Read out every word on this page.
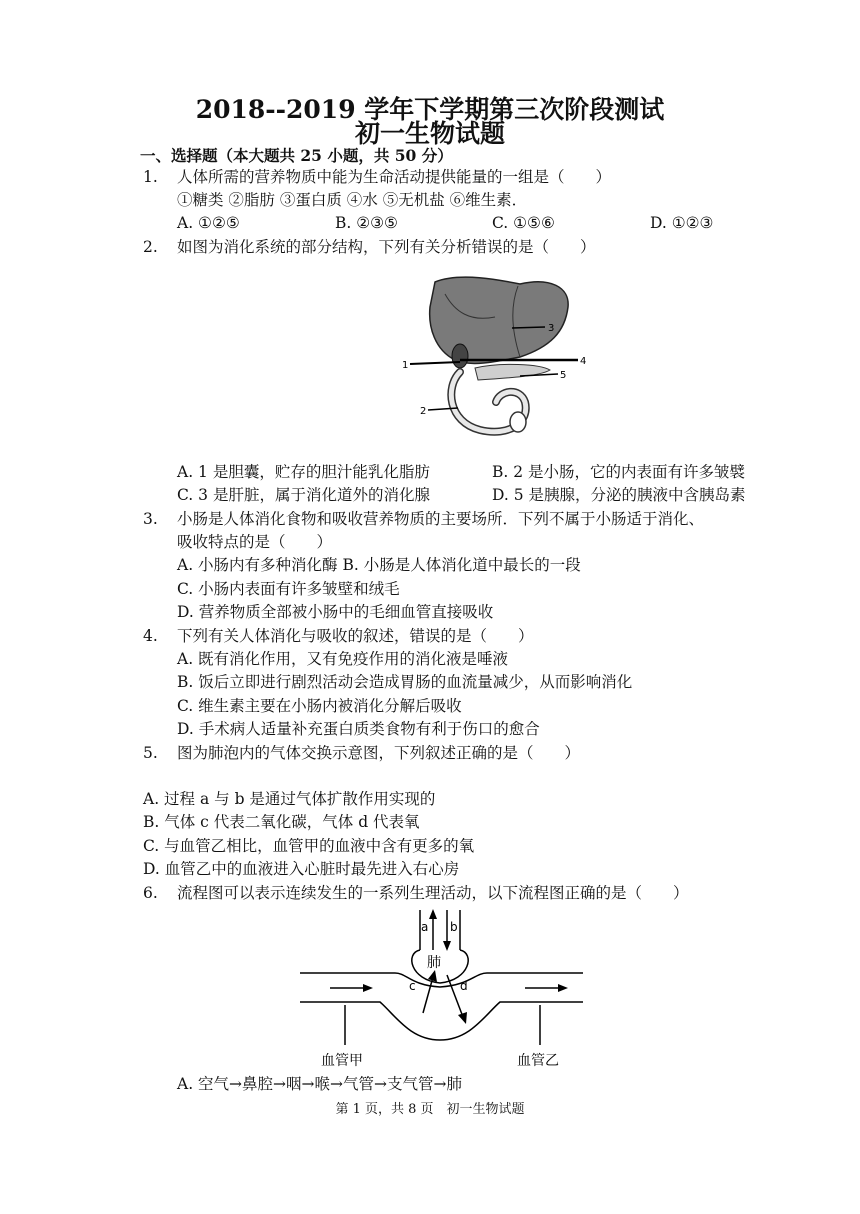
2018--2019 学年下学期第三次阶段测试
初一生物试题
一、选择题（本大题共 25 小题，共 50 分）
1.	人体所需的营养物质中能为生命活动提供能量的一组是（　　）
①糖类 ②脂肪 ③蛋白质 ④水 ⑤无机盐 ⑥维生素．
A. ①②⑤	B. ②③⑤	C. ①⑤⑥	D. ①②③
2.	如图为消化系统的部分结构，下列有关分析错误的是（　　）
1
2
3
4
5
A. 1 是胆囊，贮存的胆汁能乳化脂肪	B. 2 是小肠，它的内表面有许多皱襞
C. 3 是肝脏，属于消化道外的消化腺	D. 5 是胰腺，分泌的胰液中含胰岛素
3.	小肠是人体消化食物和吸收营养物质的主要场所．下列不属于小肠适于消化、
吸收特点的是（　　）
A. 小肠内有多种消化酶 B. 小肠是人体消化道中最长的一段
C. 小肠内表面有许多皱壁和绒毛
D. 营养物质全部被小肠中的毛细血管直接吸收
4.	下列有关人体消化与吸收的叙述，错误的是（　　）
A. 既有消化作用，又有免疫作用的消化液是唾液
B. 饭后立即进行剧烈活动会造成胃肠的血流量减少，从而影响消化
C. 维生素主要在小肠内被消化分解后吸收
D. 手术病人适量补充蛋白质类食物有利于伤口的愈合
5.	图为肺泡内的气体交换示意图，下列叙述正确的是（　　）
A. 过程 a 与 b 是通过气体扩散作用实现的
B. 气体 c 代表二氧化碳，气体 d 代表氧
C. 与血管乙相比，血管甲的血液中含有更多的氧
D. 血管乙中的血液进入心脏时最先进入右心房
6.	流程图可以表示连续发生的一系列生理活动，以下流程图正确的是（　　）
a b
肺
c	d
血管甲	血管乙
A. 空气→鼻腔→咽→喉→气管→支气管→肺
第 1 页，共 8 页　初一生物试题
